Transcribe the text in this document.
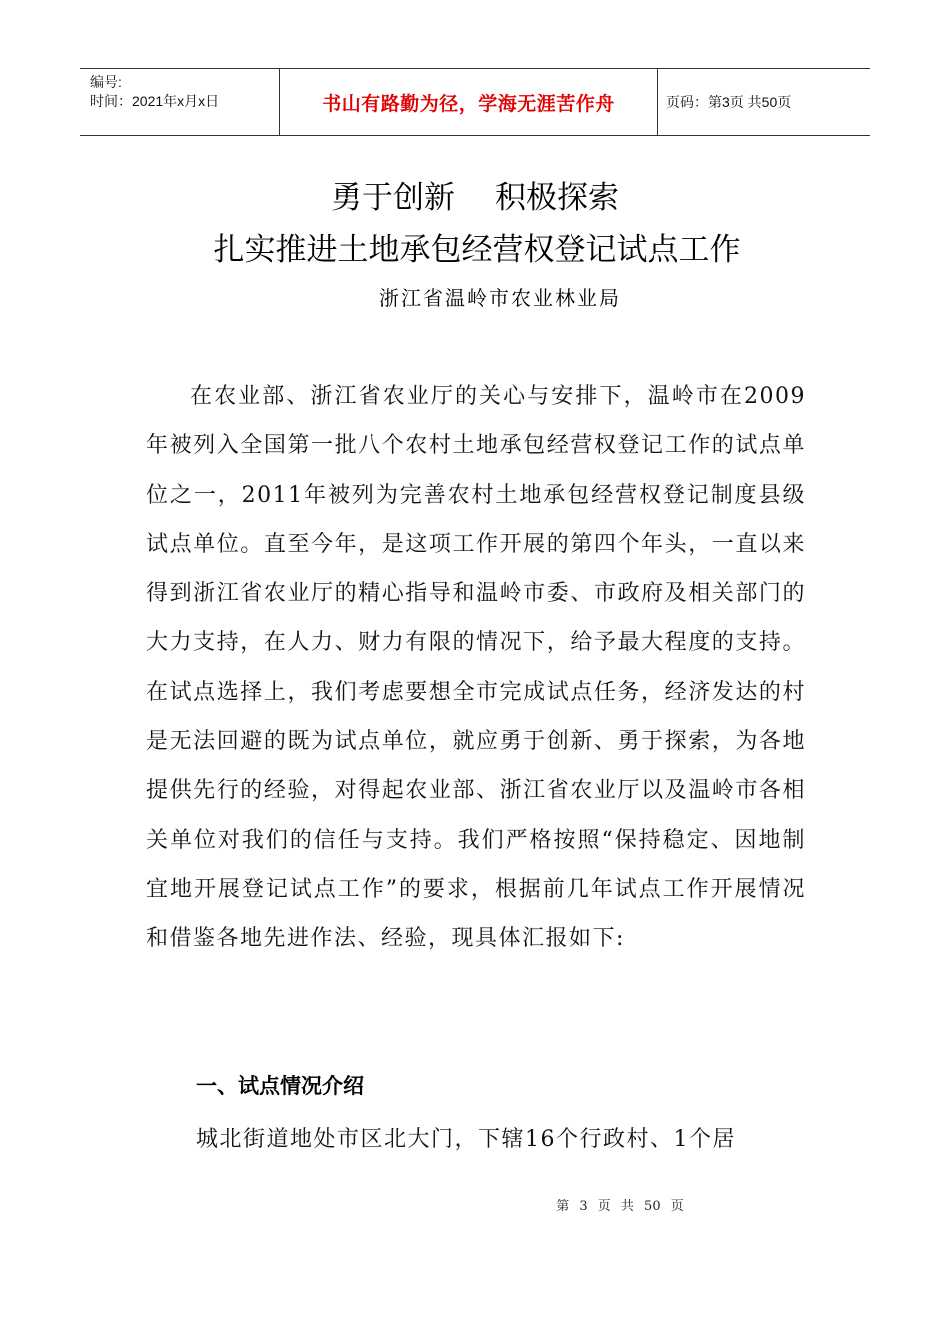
编号:
时间：2021年x月x日	书山有路勤为径，学海无涯苦作舟	页码：第3页 共50页
勇于创新 积极探索
扎实推进土地承包经营权登记试点工作
浙江省温岭市农业林业局

在农业部、浙江省农业厅的关心与安排下，温岭市在2009年被列入全国第一批八个农村土地承包经营权登记工作的试点单位之一，2011年被列为完善农村土地承包经营权登记制度县级试点单位。直至今年，是这项工作开展的第四个年头，一直以来得到浙江省农业厅的精心指导和温岭市委、市政府及相关部门的大力支持，在人力、财力有限的情况下，给予最大程度的支持。在试点选择上，我们考虑要想全市完成试点任务，经济发达的村是无法回避的既为试点单位，就应勇于创新、勇于探索，为各地提供先行的经验，对得起农业部、浙江省农业厅以及温岭市各相关单位对我们的信任与支持。我们严格按照“保持稳定、因地制宜地开展登记试点工作”的要求，根据前几年试点工作开展情况和借鉴各地先进作法、经验，现具体汇报如下:

一、试点情况介绍

城北街道地处市区北大门，下辖16个行政村、1个居

第 3 页 共 50 页
